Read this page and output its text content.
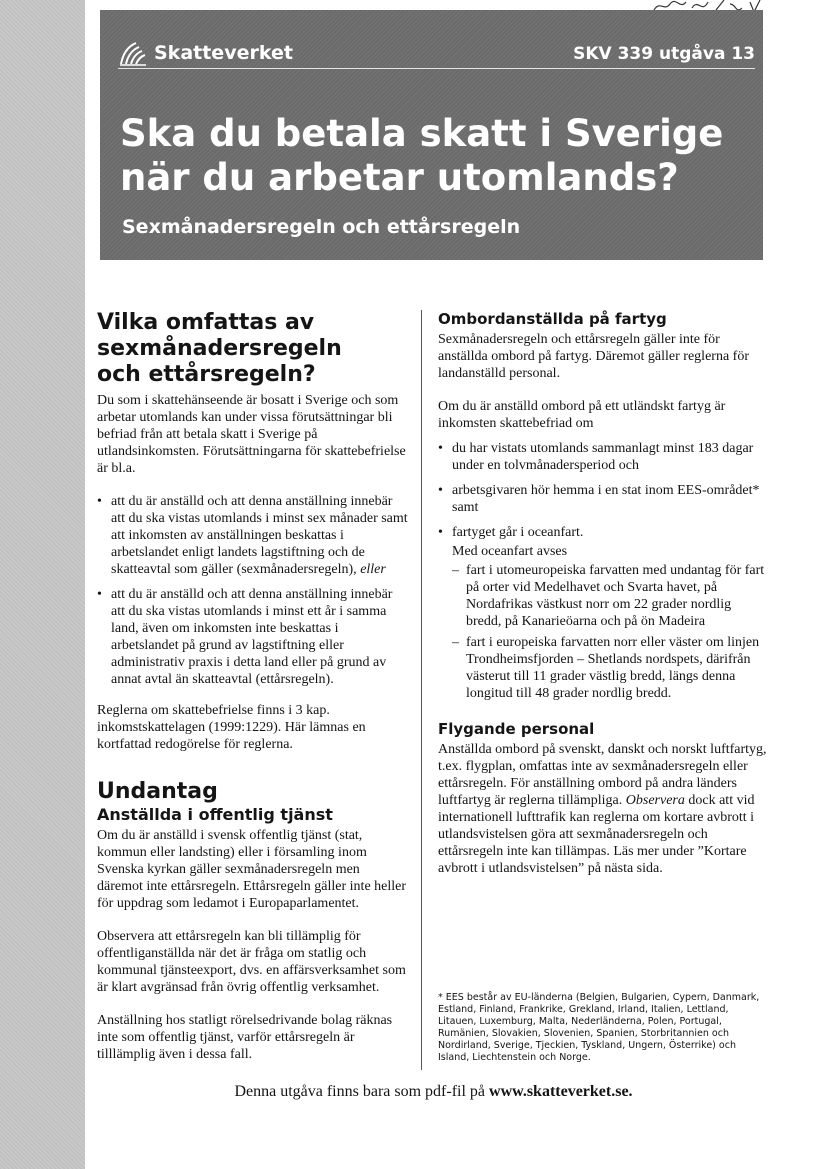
Skatteverket	SKV 339 utgåva 13
Ska du betala skatt i Sverige
när du arbetar utomlands?

Sexmånadersregeln och ettårsregeln

Vilka omfattas av
sexmånadersregeln
och ettårsregeln?

Du som i skattehänseende är bosatt i Sverige och som arbetar utomlands kan under vissa förutsättningar bli befriad från att betala skatt i Sverige på utlandsinkomsten. Förutsättningarna för skattebefrielse är bl.a.

• att du är anställd och att denna anställning innebär att du ska vistas utomlands i minst sex månader samt att inkomsten av anställningen beskattas i arbetslandet enligt landets lagstiftning och de skatteavtal som gäller (sexmånadersregeln), eller
• att du är anställd och att denna anställning innebär att du ska vistas utomlands i minst ett år i samma land, även om inkomsten inte beskattas i arbetslandet på grund av lagstiftning eller administrativ praxis i detta land eller på grund av annat avtal än skatteavtal (ettårsregeln).

Reglerna om skattebefrielse finns i 3 kap. inkomstskattelagen (1999:1229). Här lämnas en kortfattad redogörelse för reglerna.

Undantag
Anställda i offentlig tjänst

Om du är anställd i svensk offentlig tjänst (stat, kommun eller landsting) eller i församling inom Svenska kyrkan gäller sexmånadersregeln men däremot inte ettårsregeln. Ettårsregeln gäller inte heller för uppdrag som ledamot i Europaparlamentet.

Observera att ettårsregeln kan bli tillämplig för offentliganställda när det är fråga om statlig och kommunal tjänsteexport, dvs. en affärsverksamhet som är klart avgränsad från övrig offentlig verksamhet.

Anställning hos statligt rörelsedrivande bolag räknas inte som offentlig tjänst, varför ettårsregeln är tilllämplig även i dessa fall.

Ombordanställda på fartyg

Sexmånadersregeln och ettårsregeln gäller inte för anställda ombord på fartyg. Däremot gäller reglerna för landanställd personal.

Om du är anställd ombord på ett utländskt fartyg är inkomsten skattebefriad om

• du har vistats utomlands sammanlagt minst 183 dagar under en tolvmånadersperiod och
• arbetsgivaren hör hemma i en stat inom EES-området* samt
• fartyget går i oceanfart.
Med oceanfart avses
– fart i utomeuropeiska farvatten med undantag för fart på orter vid Medelhavet och Svarta havet, på Nordafrikas västkust norr om 22 grader nordlig bredd, på Kanarieöarna och på ön Madeira
– fart i europeiska farvatten norr eller väster om linjen Trondheimsfjorden – Shetlands nordspets, därifrån västerut till 11 grader västlig bredd, längs denna longitud till 48 grader nordlig bredd.
Flygande personal

Anställda ombord på svenskt, danskt och norskt luftfartyg, t.ex. flygplan, omfattas inte av sexmånadersregeln eller ettårsregeln. För anställning ombord på andra länders luftfartyg är reglerna tillämpliga. Observera dock att vid internationell lufttrafik kan reglerna om kortare avbrott i utlandsvistelsen göra att sexmånadersregeln och ettårsregeln inte kan tillämpas. Läs mer under ”Kortare avbrott i utlandsvistelsen” på nästa sida.

* EES består av EU-länderna (Belgien, Bulgarien, Cypern, Danmark, Estland, Finland, Frankrike, Grekland, Irland, Italien, Lettland, Litauen, Luxemburg, Malta, Nederländerna, Polen, Portugal, Rumänien, Slovakien, Slovenien, Spanien, Storbritannien och Nordirland, Sverige, Tjeckien, Tyskland, Ungern, Österrike) och Island, Liechtenstein och Norge.
Denna utgåva finns bara som pdf-fil på www.skatteverket.se.
